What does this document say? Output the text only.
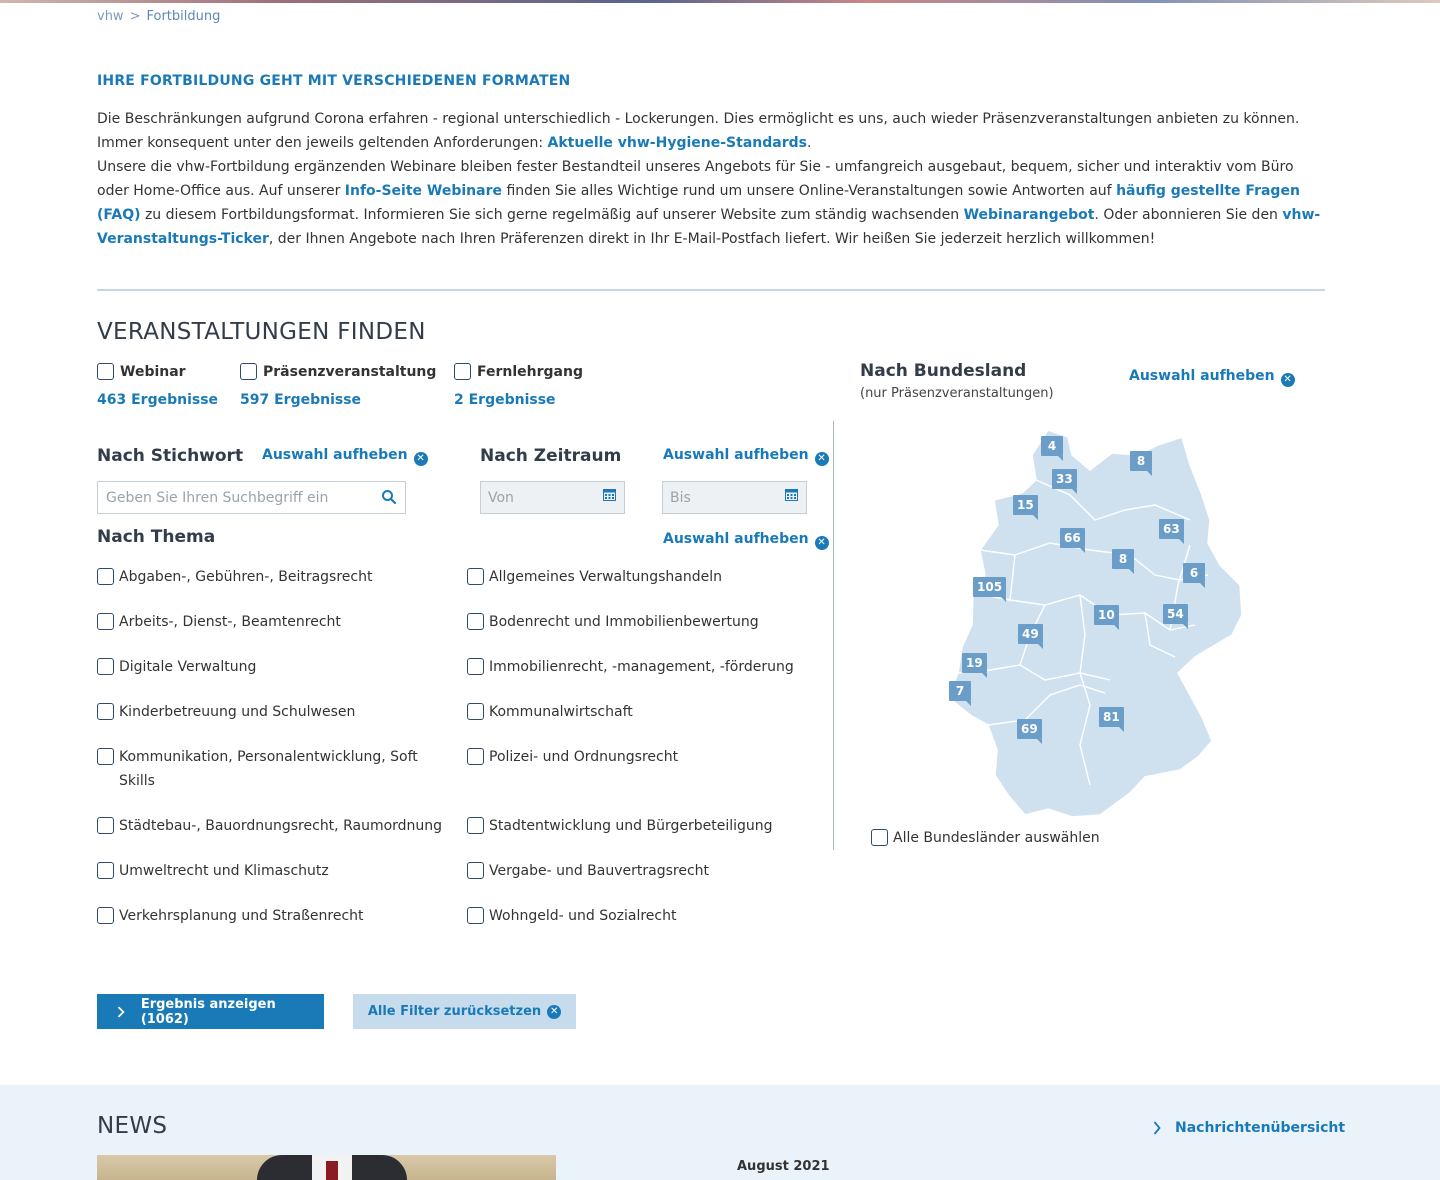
vhw > Fortbildung
IHRE FORTBILDUNG GEHT MIT VERSCHIEDENEN FORMATEN
Die Beschränkungen aufgrund Corona erfahren - regional unterschiedlich - Lockerungen. Dies ermöglicht es uns, auch wieder Präsenzveranstaltungen anbieten zu können. Immer konsequent unter den jeweils geltenden Anforderungen: Aktuelle vhw-Hygiene-Standards.
Unsere die vhw-Fortbildung ergänzenden Webinare bleiben fester Bestandteil unseres Angebots für Sie - umfangreich ausgebaut, bequem, sicher und interaktiv vom Büro oder Home-Office aus. Auf unserer Info-Seite Webinare finden Sie alles Wichtige rund um unsere Online-Veranstaltungen sowie Antworten auf häufig gestellte Fragen (FAQ) zu diesem Fortbildungsformat. Informieren Sie sich gerne regelmäßig auf unserer Website zum ständig wachsenden Webinarangebot. Oder abonnieren Sie den vhw-Veranstaltungs-Ticker, der Ihnen Angebote nach Ihren Präferenzen direkt in Ihr E-Mail-Postfach liefert. Wir heißen Sie jederzeit herzlich willkommen!
VERANSTALTUNGEN FINDEN
Webinar
463 Ergebnisse
Präsenzveranstaltung
597 Ergebnisse
Fernlehrgang
2 Ergebnisse
Nach Stichwort Auswahl aufheben ✕
Geben Sie Ihren Suchbegriff ein	Nach Zeitraum	Auswahl aufheben ✕
Von
Bis
Nach Thema	Auswahl aufheben ✕
Abgaben-, Gebühren-, Beitragsrecht
Arbeits-, Dienst-, Beamtenrecht
Digitale Verwaltung
Kinderbetreuung und Schulwesen
Kommunikation, Personalentwicklung, Soft Skills
Städtebau-, Bauordnungsrecht, Raumordnung
Umweltrecht und Klimaschutz
Verkehrsplanung und Straßenrecht
Allgemeines Verwaltungshandeln
Bodenrecht und Immobilienbewertung
Immobilienrecht, -management, -förderung
Kommunalwirtschaft
Polizei- und Ordnungsrecht
Stadtentwicklung und Bürgerbeteiligung
Vergabe- und Bauvertragsrecht
Wohngeld- und Sozialrecht
Nach Bundesland
(nur Präsenzveranstaltungen)
Auswahl aufheben ✕
4
33
8
15
63
66
8
6
105
10	54
49
19
7
69
81
Alle Bundesländer auswählen
Ergebnis anzeigen (1062)	Alle Filter zurücksetzen ✕
NEWS	Nachrichtenübersicht
August 2021
